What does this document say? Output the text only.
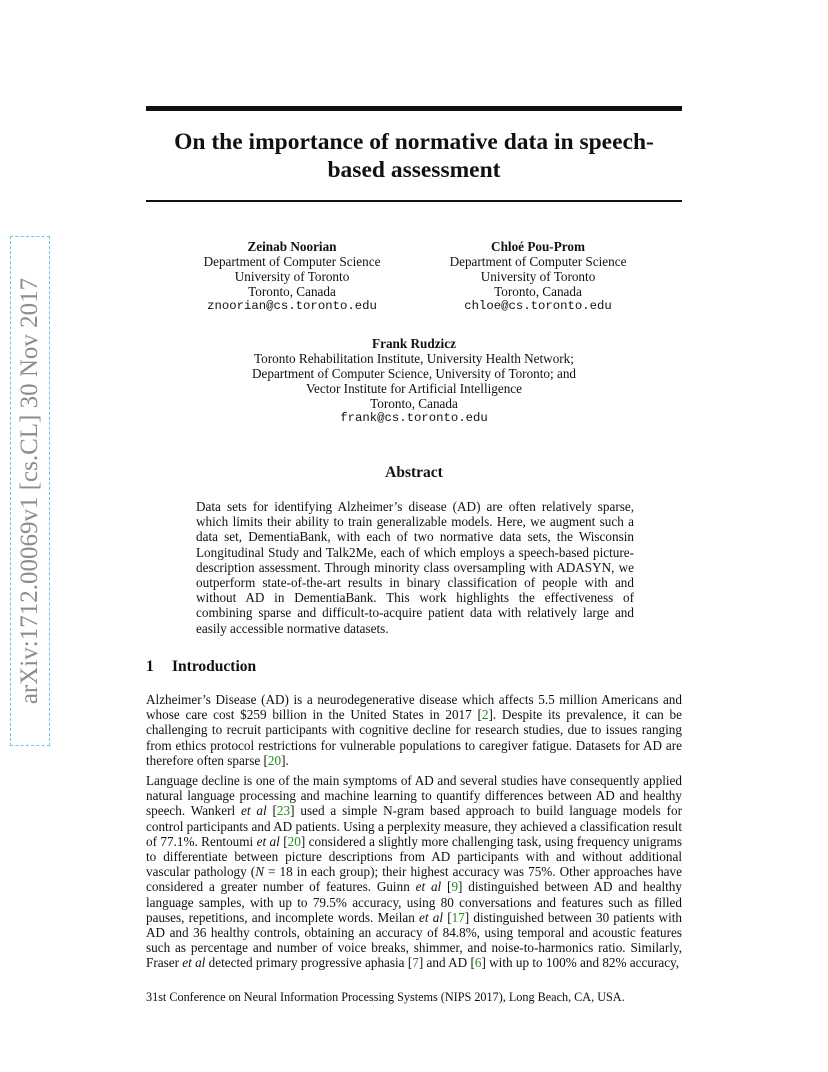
arXiv:1712.00069v1 [cs.CL] 30 Nov 2017
On the importance of normative data in speech-based assessment
Zeinab Noorian
Department of Computer Science
University of Toronto
Toronto, Canada
znoorian@cs.toronto.edu
Chloé Pou-Prom
Department of Computer Science
University of Toronto
Toronto, Canada
chloe@cs.toronto.edu
Frank Rudzicz
Toronto Rehabilitation Institute, University Health Network;
Department of Computer Science, University of Toronto; and
Vector Institute for Artificial Intelligence
Toronto, Canada
frank@cs.toronto.edu
Abstract
Data sets for identifying Alzheimer’s disease (AD) are often relatively sparse, which limits their ability to train generalizable models. Here, we augment such a data set, DementiaBank, with each of two normative data sets, the Wisconsin Longitudinal Study and Talk2Me, each of which employs a speech-based picture-description assessment. Through minority class oversampling with ADASYN, we outperform state-of-the-art results in binary classification of people with and without AD in DementiaBank. This work highlights the effectiveness of combining sparse and difficult-to-acquire patient data with relatively large and easily accessible normative datasets.
1 Introduction
Alzheimer’s Disease (AD) is a neurodegenerative disease which affects 5.5 million Americans and whose care cost $259 billion in the United States in 2017 [2]. Despite its prevalence, it can be challenging to recruit participants with cognitive decline for research studies, due to issues ranging from ethics protocol restrictions for vulnerable populations to caregiver fatigue. Datasets for AD are therefore often sparse [20].
Language decline is one of the main symptoms of AD and several studies have consequently applied natural language processing and machine learning to quantify differences between AD and healthy speech. Wankerl et al [23] used a simple N-gram based approach to build language models for control participants and AD patients. Using a perplexity measure, they achieved a classification result of 77.1%. Rentoumi et al [20] considered a slightly more challenging task, using frequency unigrams to differentiate between picture descriptions from AD participants with and without additional vascular pathology (N = 18 in each group); their highest accuracy was 75%. Other approaches have considered a greater number of features. Guinn et al [9] distinguished between AD and healthy language samples, with up to 79.5% accuracy, using 80 conversations and features such as filled pauses, repetitions, and incomplete words. Meilan et al [17] distinguished between 30 patients with AD and 36 healthy controls, obtaining an accuracy of 84.8%, using temporal and acoustic features such as percentage and number of voice breaks, shimmer, and noise-to-harmonics ratio. Similarly, Fraser et al detected primary progressive aphasia [7] and AD [6] with up to 100% and 82% accuracy,
31st Conference on Neural Information Processing Systems (NIPS 2017), Long Beach, CA, USA.
